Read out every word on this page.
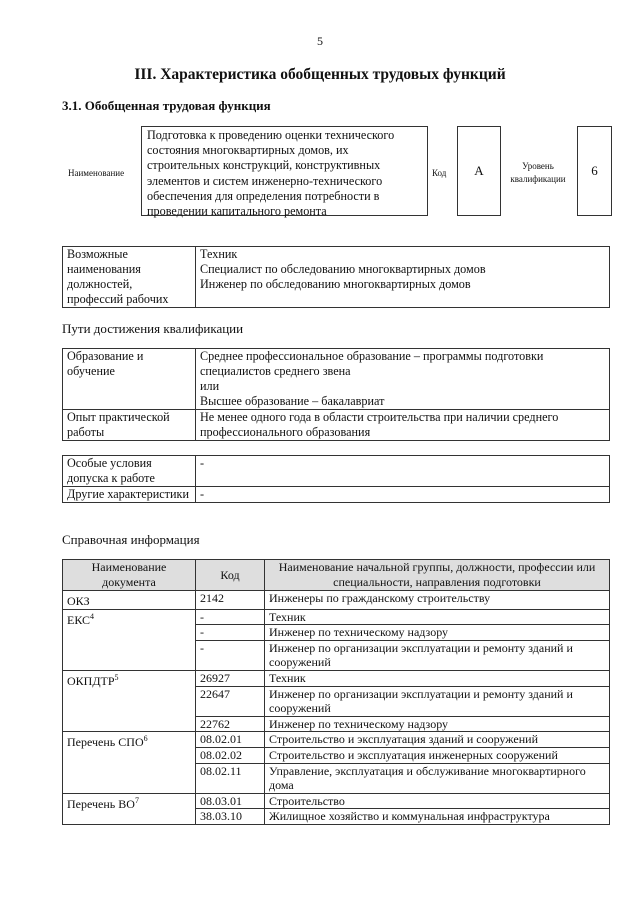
5
III. Характеристика обобщенных трудовых функций
3.1. Обобщенная трудовая функция
Наименование
Подготовка к проведению оценки технического состояния многоквартирных домов, их строительных конструкций, конструктивных элементов и систем инженерно-технического обеспечения для определения потребности в проведении капитального ремонта
Код	A	Уровень квалификации
6
Возможные наименования должностей, профессий рабочих	Техник
Специалист по обследованию многоквартирных домов
Инженер по обследованию многоквартирных домов
Пути достижения квалификации
Образование и обучение	Среднее профессиональное образование – программы подготовки специалистов среднего звена
или
Высшее образование – бакалавриат
Опыт практической работы	Не менее одного года в области строительства при наличии среднего профессионального образования
Особые условия допуска к работе	-
Другие характеристики	-
Справочная информация
Наименование документа	Код	Наименование начальной группы, должности, профессии или специальности, направления подготовки
ОКЗ	2142	Инженеры по гражданскому строительству
ЕКС$^4$	-	Техник
	-	Инженер по техническому надзору
	-	Инженер по организации эксплуатации и ремонту зданий и сооружений
ОКПДТР$^5$	26927	Техник
	22647	Инженер по организации эксплуатации и ремонту зданий и сооружений
	22762	Инженер по техническому надзору
Перечень СПО$^6$	08.02.01	Строительство и эксплуатация зданий и сооружений
	08.02.02	Строительство и эксплуатация инженерных сооружений
	08.02.11	Управление, эксплуатация и обслуживание многоквартирного дома
Перечень $ВО^7$	08.03.01	Строительство
	38.03.10	Жилищное хозяйство и коммунальная инфраструктура
